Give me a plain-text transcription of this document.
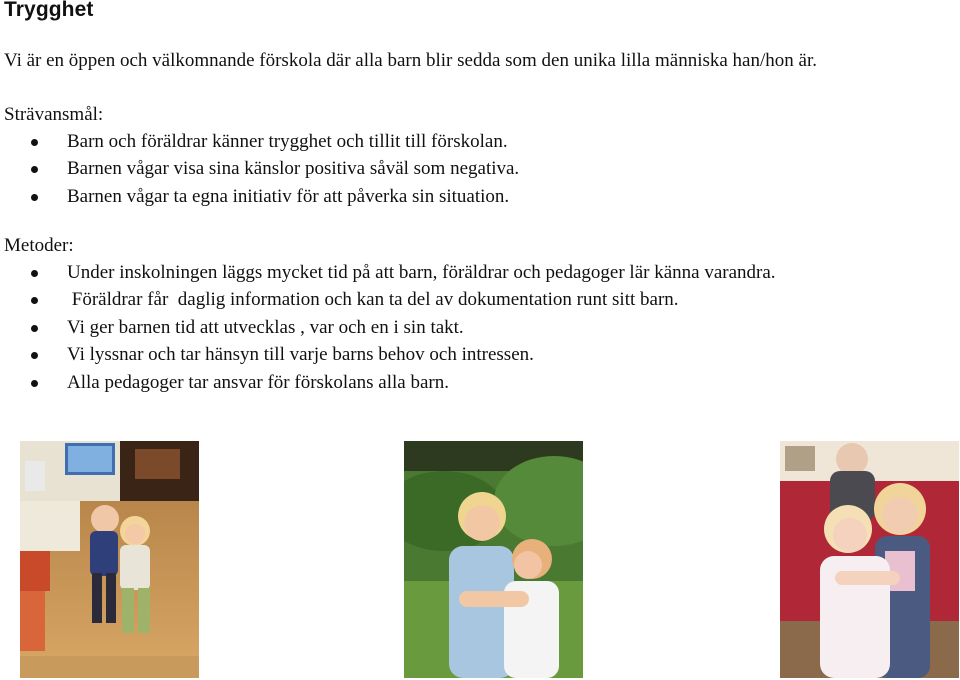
Trygghet

Vi är en öppen och välkomnande förskola där alla barn blir sedda som den unika lilla människa han/hon är.

Strävansmål:

Barn och föräldrar känner trygghet och tillit till förskolan.
Barnen vågar visa sina känslor positiva såväl som negativa.
Barnen vågar ta egna initiativ för att påverka sin situation.

Metoder:

Under inskolningen läggs mycket tid på att barn, föräldrar och pedagoger lär känna varandra.
Föräldrar får  daglig information och kan ta del av dokumentation runt sitt barn.
Vi ger barnen tid att utvecklas , var och en i sin takt.
Vi lyssnar och tar hänsyn till varje barns behov och intressen.
Alla pedagoger tar ansvar för förskolans alla barn.
